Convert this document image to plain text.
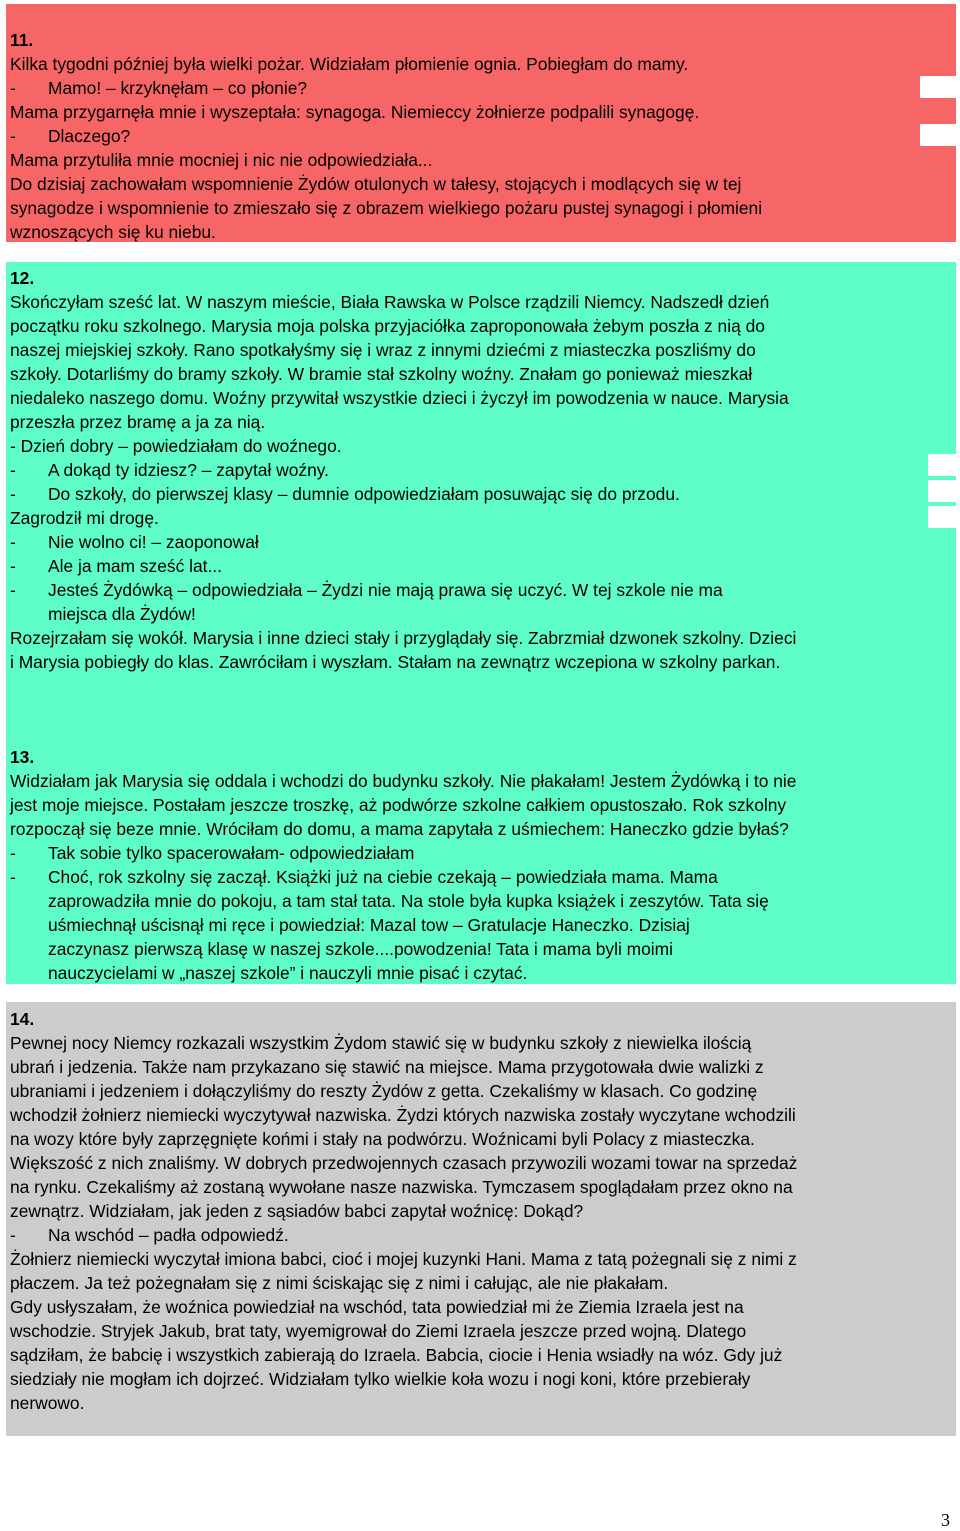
11.
Kilka tygodni później była wielki pożar. Widziałam płomienie ognia. Pobiegłam do mamy.
- Mamo! – krzyknęłam – co płonie?
Mama przygarnęła mnie i wyszeptała: synagoga. Niemieccy żołnierze podpalili synagogę.
- Dlaczego?
Mama przytuliła mnie mocniej i nic nie odpowiedziała...
Do dzisiaj zachowałam wspomnienie Żydów otulonych w tałesy, stojących i modlących się w tej
synagodze i wspomnienie to zmieszało się z obrazem wielkiego pożaru pustej synagogi i płomieni
wznoszących się ku niebu.
12.
Skończyłam sześć lat. W naszym mieście, Biała Rawska w Polsce rządzili Niemcy. Nadszedł dzień
początku roku szkolnego. Marysia moja polska przyjaciółka zaproponowała żebym poszła z nią do
naszej miejskiej szkoły. Rano spotkałyśmy się i wraz z innymi dziećmi z miasteczka poszliśmy do
szkoły. Dotarliśmy do bramy szkoły. W bramie stał szkolny woźny. Znałam go ponieważ mieszkał
niedaleko naszego domu. Woźny przywitał wszystkie dzieci i życzył im powodzenia w nauce. Marysia
przeszła przez bramę a ja za nią.
- Dzień dobry – powiedziałam do woźnego.
- A dokąd ty idziesz? – zapytał woźny.
- Do szkoły, do pierwszej klasy – dumnie odpowiedziałam posuwając się do przodu.
Zagrodził mi drogę.
- Nie wolno ci! – zaoponował
- Ale ja mam sześć lat...
- Jesteś Żydówką – odpowiedziała – Żydzi nie mają prawa się uczyć. W tej szkole nie ma
miejsca dla Żydów!
Rozejrzałam się wokół. Marysia i inne dzieci stały i przyglądały się. Zabrzmiał dzwonek szkolny. Dzieci
i Marysia pobiegły do klas. Zawróciłam i wyszłam. Stałam na zewnątrz wczepiona w szkolny parkan.
13.
Widziałam jak Marysia się oddala i wchodzi do budynku szkoły. Nie płakałam! Jestem Żydówką i to nie
jest moje miejsce. Postałam jeszcze troszkę, aż podwórze szkolne całkiem opustoszało. Rok szkolny
rozpoczął się beze mnie. Wróciłam do domu, a mama zapytała z uśmiechem: Haneczko gdzie byłaś?
- Tak sobie tylko spacerowałam- odpowiedziałam
- Choć, rok szkolny się zaczął. Książki już na ciebie czekają – powiedziała mama. Mama
zaprowadziła mnie do pokoju, a tam stał tata. Na stole była kupka książek i zeszytów. Tata się
uśmiechnął uścisnął mi ręce i powiedział: Mazal tow – Gratulacje Haneczko. Dzisiaj
zaczynasz pierwszą klasę w naszej szkole....powodzenia! Tata i mama byli moimi
nauczycielami w „naszej szkole” i nauczyli mnie pisać i czytać.
14.
Pewnej nocy Niemcy rozkazali wszystkim Żydom stawić się w budynku szkoły z niewielka ilością
ubrań i jedzenia. Także nam przykazano się stawić na miejsce. Mama przygotowała dwie walizki z
ubraniami i jedzeniem i dołączyliśmy do reszty Żydów z getta. Czekaliśmy w klasach. Co godzinę
wchodził żołnierz niemiecki wyczytywał nazwiska. Żydzi których nazwiska zostały wyczytane wchodzili
na wozy które były zaprzęgnięte końmi i stały na podwórzu. Woźnicami byli Polacy z miasteczka.
Większość z nich znaliśmy. W dobrych przedwojennych czasach przywozili wozami towar na sprzedaż
na rynku. Czekaliśmy aż zostaną wywołane nasze nazwiska. Tymczasem spoglądałam przez okno na
zewnątrz. Widziałam, jak jeden z sąsiadów babci zapytał woźnicę: Dokąd?
- Na wschód – padła odpowiedź.
Żołnierz niemiecki wyczytał imiona babci, cioć i mojej kuzynki Hani. Mama z tatą pożegnali się z nimi z
płaczem. Ja też pożegnałam się z nimi ściskając się z nimi i całując, ale nie płakałam.
Gdy usłyszałam, że woźnica powiedział na wschód, tata powiedział mi że Ziemia Izraela jest na
wschodzie. Stryjek Jakub, brat taty, wyemigrował do Ziemi Izraela jeszcze przed wojną. Dlatego
sądziłam, że babcię i wszystkich zabierają do Izraela. Babcia, ciocie i Henia wsiadły na wóz. Gdy już
siedziały nie mogłam ich dojrzeć. Widziałam tylko wielkie koła wozu i nogi koni, które przebierały
nerwowo.
3
